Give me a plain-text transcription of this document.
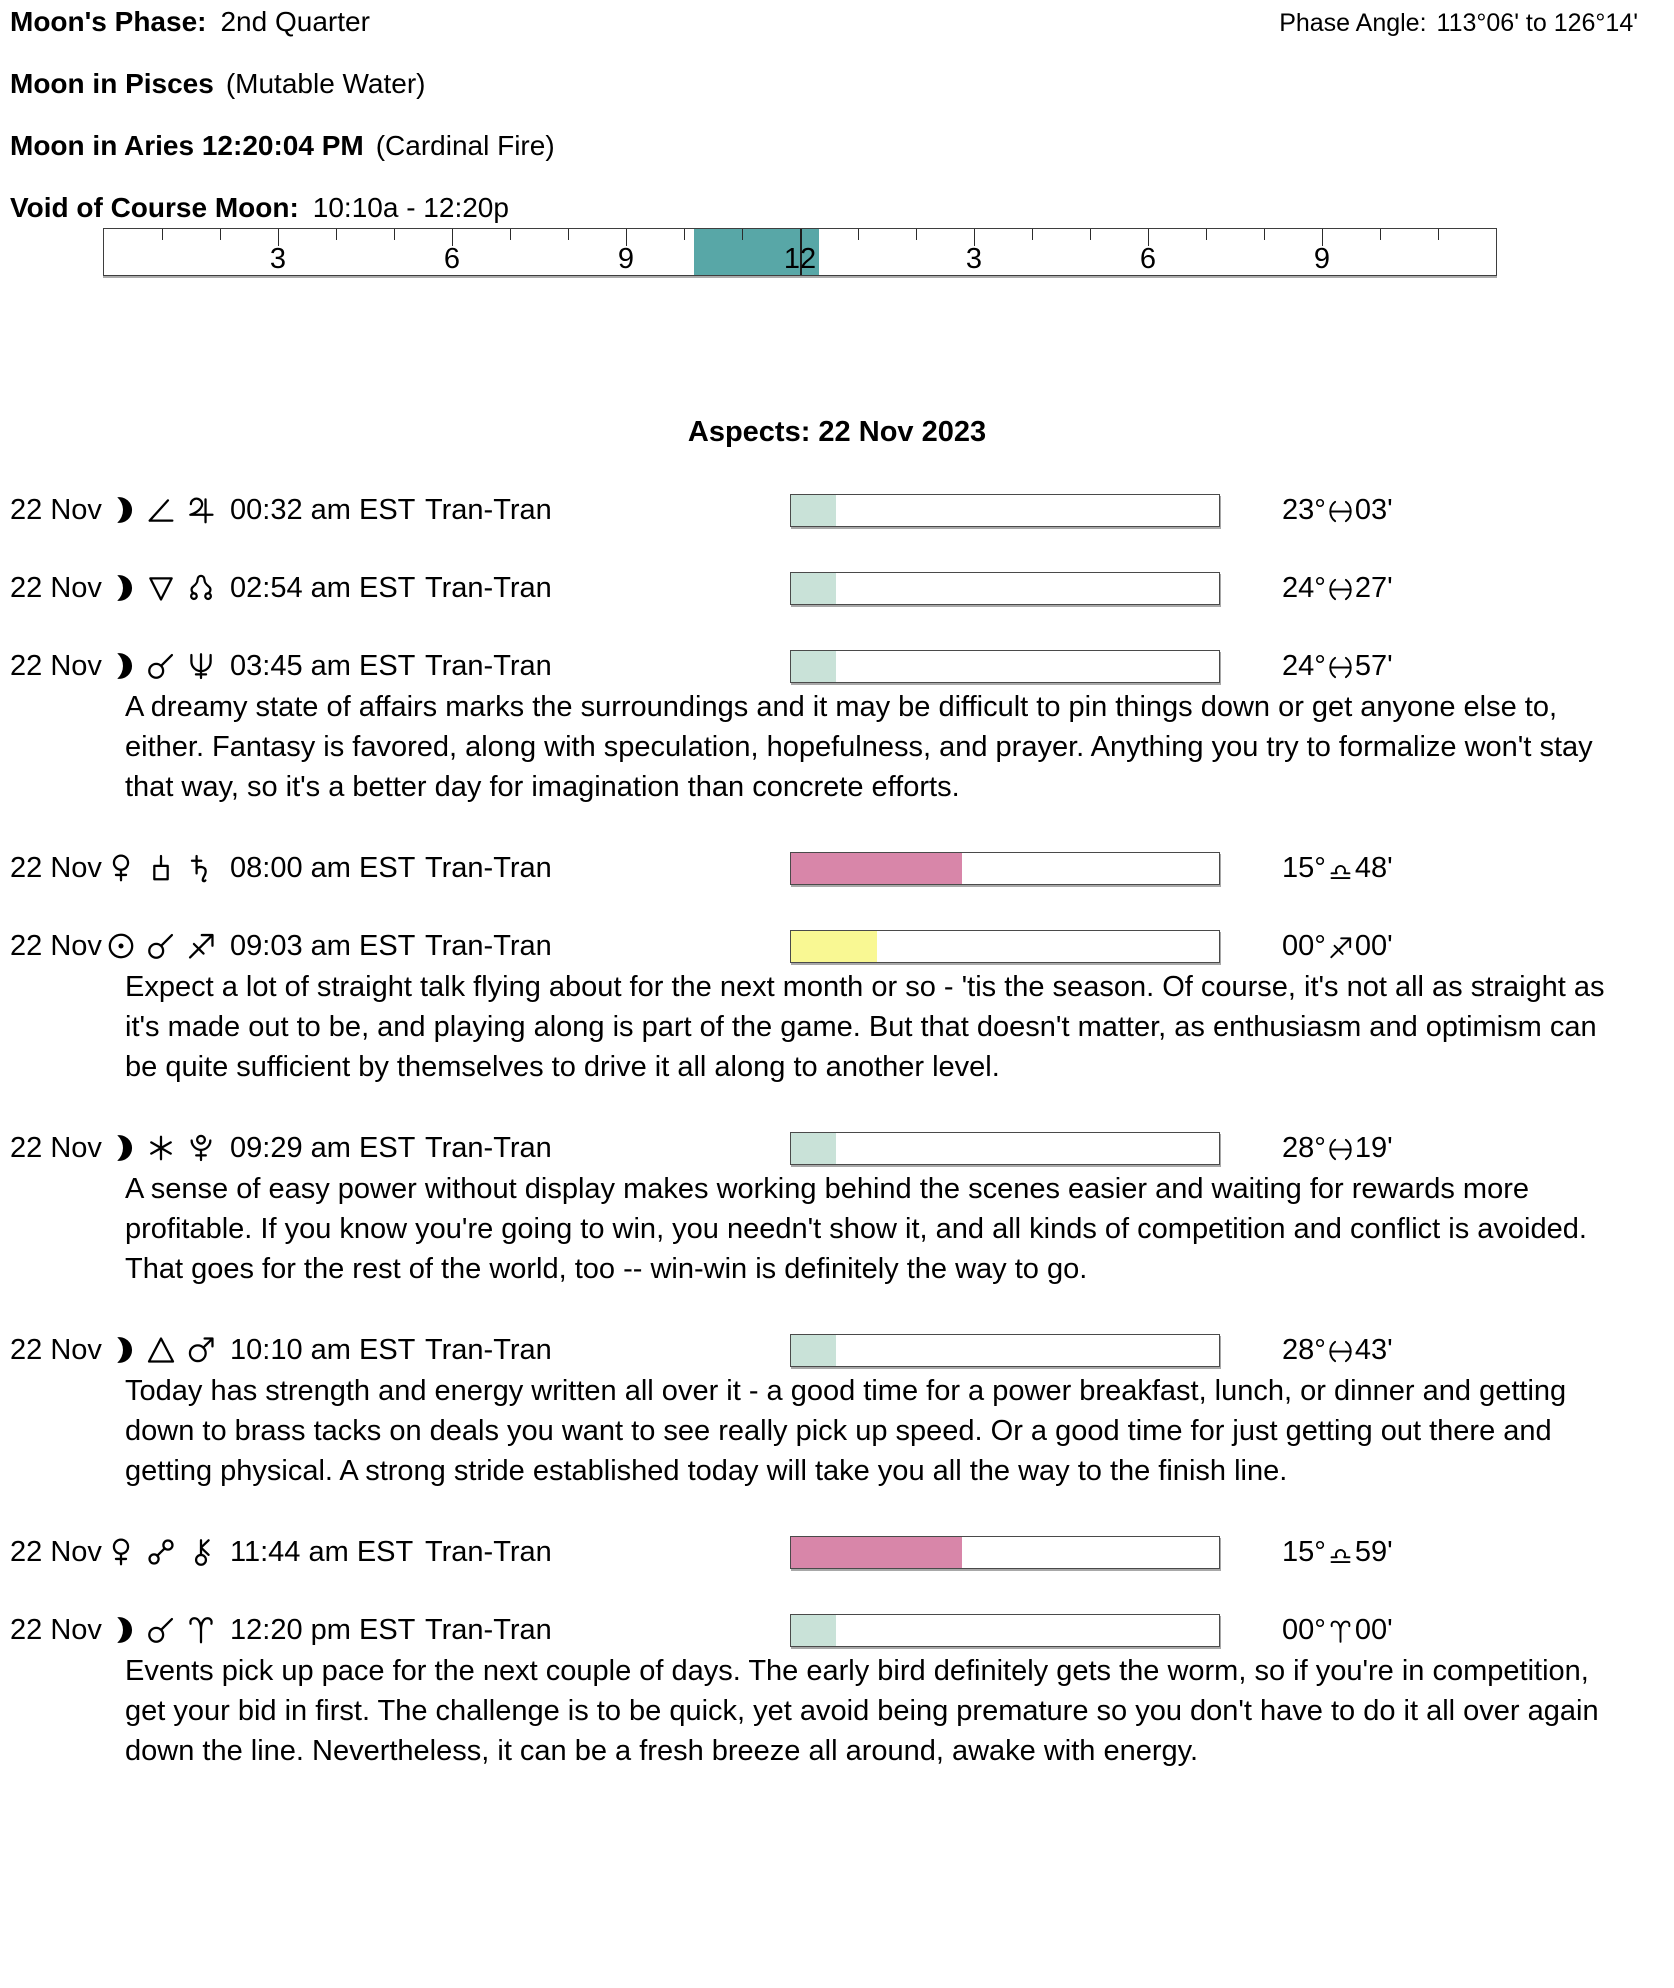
Moon's Phase: 2nd Quarter	Phase Angle: 113°06' to 126°14'
Moon in Pisces (Mutable Water)
Moon in Aries 12:20:04 PM (Cardinal Fire)
Void of Course Moon: 10:10a - 12:20p
3	6	9	12	3	6	9
Aspects: 22 Nov 2023
22 Nov	00:32 am EST Tran-Tran	23° 03'
22 Nov	02:54 am EST Tran-Tran	24° 27'
22 Nov	03:45 am EST Tran-Tran	24° 57'
A dreamy state of affairs marks the surroundings and it may be difficult to pin things down or get anyone else to, either. Fantasy is favored, along with speculation, hopefulness, and prayer. Anything you try to formalize won't stay that way, so it's a better day for imagination than concrete efforts.
22 Nov	08:00 am EST Tran-Tran	15° 48'
22 Nov	09:03 am EST Tran-Tran	00° 00'
Expect a lot of straight talk flying about for the next month or so - 'tis the season. Of course, it's not all as straight as it's made out to be, and playing along is part of the game. But that doesn't matter, as enthusiasm and optimism can be quite sufficient by themselves to drive it all along to another level.
22 Nov	09:29 am EST Tran-Tran	28° 19'
A sense of easy power without display makes working behind the scenes easier and waiting for rewards more profitable. If you know you're going to win, you needn't show it, and all kinds of competition and conflict is avoided. That goes for the rest of the world, too -- win-win is definitely the way to go.
22 Nov	10:10 am EST Tran-Tran	28° 43'
Today has strength and energy written all over it - a good time for a power breakfast, lunch, or dinner and getting down to brass tacks on deals you want to see really pick up speed. Or a good time for just getting out there and getting physical. A strong stride established today will take you all the way to the finish line.
22 Nov	11:44 am EST Tran-Tran	15° 59'
22 Nov	12:20 pm EST Tran-Tran	00° 00'
Events pick up pace for the next couple of days. The early bird definitely gets the worm, so if you're in competition, get your bid in first. The challenge is to be quick, yet avoid being premature so you don't have to do it all over again down the line. Nevertheless, it can be a fresh breeze all around, awake with energy.
